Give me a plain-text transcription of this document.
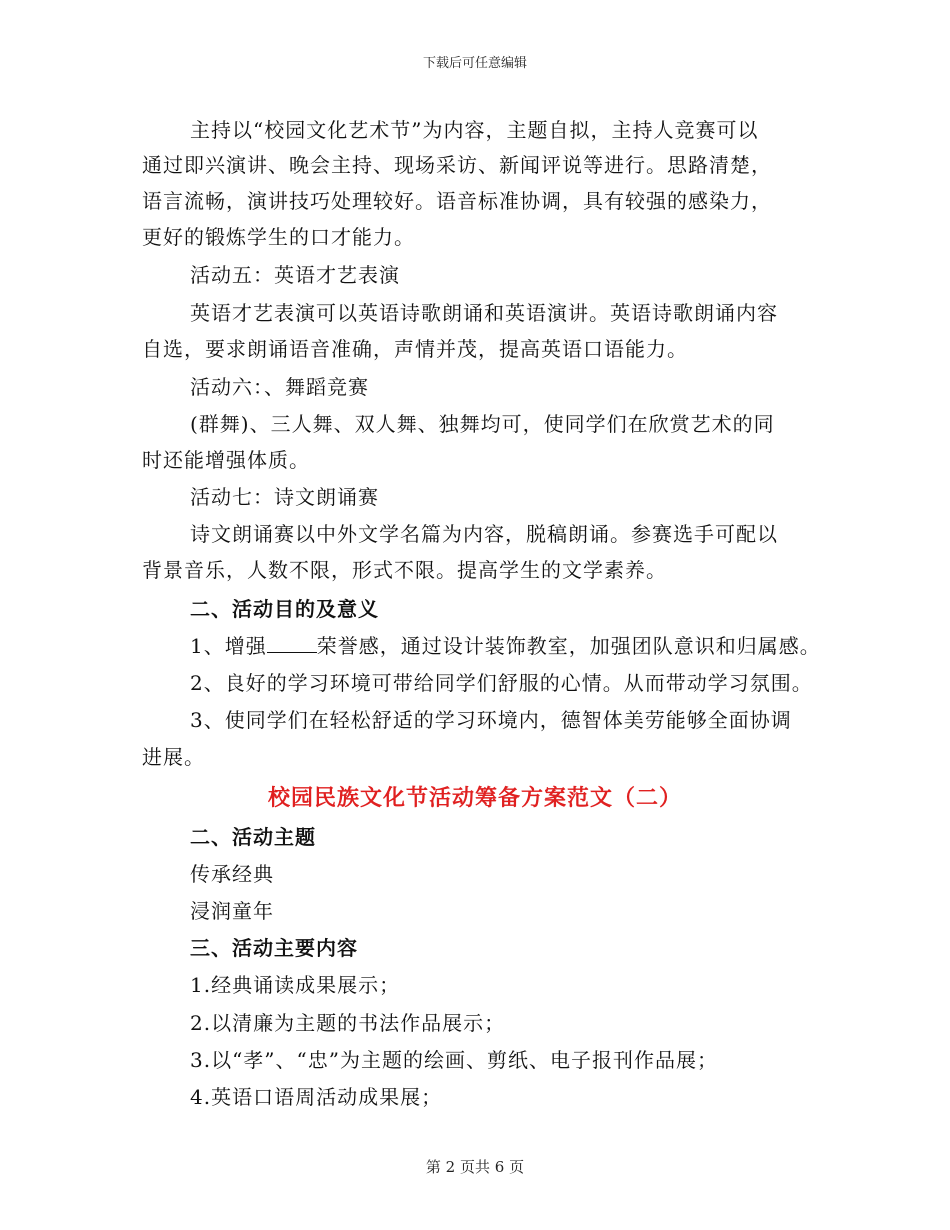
下载后可任意编辑
主持以“校园文化艺术节”为内容，主题自拟，主持人竞赛可以
通过即兴演讲、晚会主持、现场采访、新闻评说等进行。思路清楚，
语言流畅，演讲技巧处理较好。语音标准协调，具有较强的感染力，
更好的锻炼学生的口才能力。
活动五：英语才艺表演
英语才艺表演可以英语诗歌朗诵和英语演讲。英语诗歌朗诵内容
自选，要求朗诵语音准确，声情并茂，提高英语口语能力。
活动六：、舞蹈竞赛
(群舞)、三人舞、双人舞、独舞均可，使同学们在欣赏艺术的同
时还能增强体质。
活动七：诗文朗诵赛
诗文朗诵赛以中外文学名篇为内容，脱稿朗诵。参赛选手可配以
背景音乐，人数不限，形式不限。提高学生的文学素养。
二、活动目的及意义
1、增强	荣誉感，通过设计装饰教室，加强团队意识和归属感。
2、良好的学习环境可带给同学们舒服的心情。从而带动学习氛围。
3、使同学们在轻松舒适的学习环境内，德智体美劳能够全面协调
进展。
校园民族文化节活动筹备方案范文（二）
二、活动主题
传承经典
浸润童年
三、活动主要内容
1.经典诵读成果展示；
2.以清廉为主题的书法作品展示；
3.以“孝”、“忠”为主题的绘画、剪纸、电子报刊作品展；
4.英语口语周活动成果展；
第 2 页共 6 页
